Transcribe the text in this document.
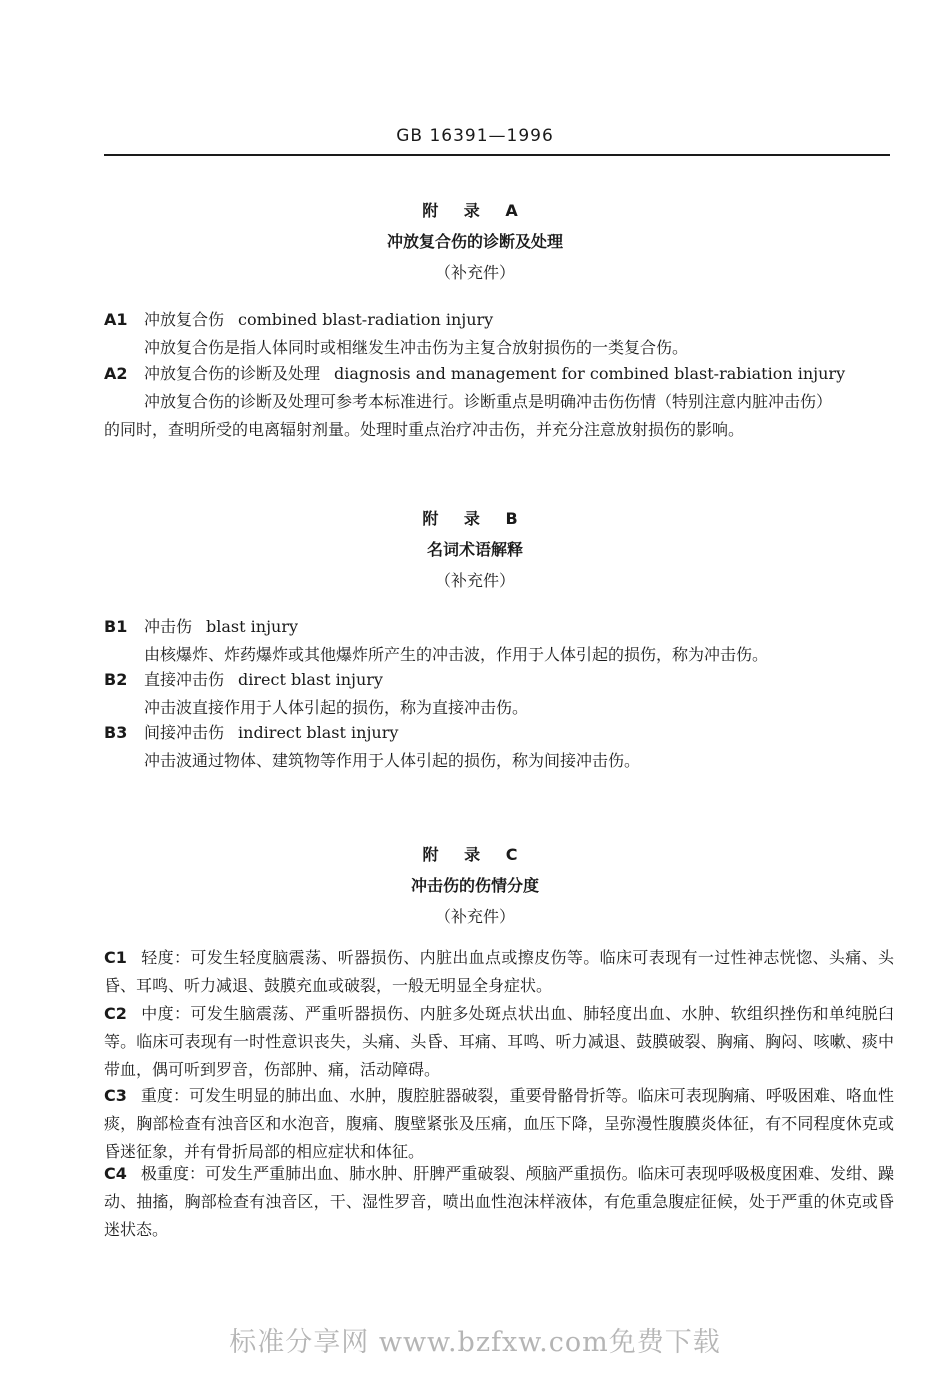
GB 16391—1996
附 录 A
冲放复合伤的诊断及处理
（补充件）
A1 冲放复合伤 combined blast-radiation injury
冲放复合伤是指人体同时或相继发生冲击伤为主复合放射损伤的一类复合伤。
A2 冲放复合伤的诊断及处理 diagnosis and management for combined blast-rabiation injury
冲放复合伤的诊断及处理可参考本标准进行。诊断重点是明确冲击伤伤情（特别注意内脏冲击伤）
的同时，查明所受的电离辐射剂量。处理时重点治疗冲击伤，并充分注意放射损伤的影响。
附 录 B
名词术语解释
（补充件）
B1 冲击伤 blast injury
由核爆炸、炸药爆炸或其他爆炸所产生的冲击波，作用于人体引起的损伤，称为冲击伤。
B2 直接冲击伤 direct blast injury
冲击波直接作用于人体引起的损伤，称为直接冲击伤。
B3 间接冲击伤 indirect blast injury
冲击波通过物体、建筑物等作用于人体引起的损伤，称为间接冲击伤。
附 录 C
冲击伤的伤情分度
（补充件）
C1 轻度：可发生轻度脑震荡、听器损伤、内脏出血点或擦皮伤等。临床可表现有一过性神志恍惚、头痛、头昏、耳鸣、听力减退、鼓膜充血或破裂，一般无明显全身症状。
C2 中度：可发生脑震荡、严重听器损伤、内脏多处斑点状出血、肺轻度出血、水肿、软组织挫伤和单纯脱臼等。临床可表现有一时性意识丧失，头痛、头昏、耳痛、耳鸣、听力减退、鼓膜破裂、胸痛、胸闷、咳嗽、痰中带血，偶可听到罗音，伤部肿、痛，活动障碍。
C3 重度：可发生明显的肺出血、水肿，腹腔脏器破裂，重要骨骼骨折等。临床可表现胸痛、呼吸困难、咯血性痰，胸部检查有浊音区和水泡音，腹痛、腹壁紧张及压痛，血压下降，呈弥漫性腹膜炎体征，有不同程度休克或昏迷征象，并有骨折局部的相应症状和体征。
C4 极重度：可发生严重肺出血、肺水肿、肝脾严重破裂、颅脑严重损伤。临床可表现呼吸极度困难、发绀、躁动、抽搐，胸部检查有浊音区，干、湿性罗音，喷出血性泡沫样液体，有危重急腹症征候，处于严重的休克或昏迷状态。
标准分享网 www.bzfxw.com免费下载
